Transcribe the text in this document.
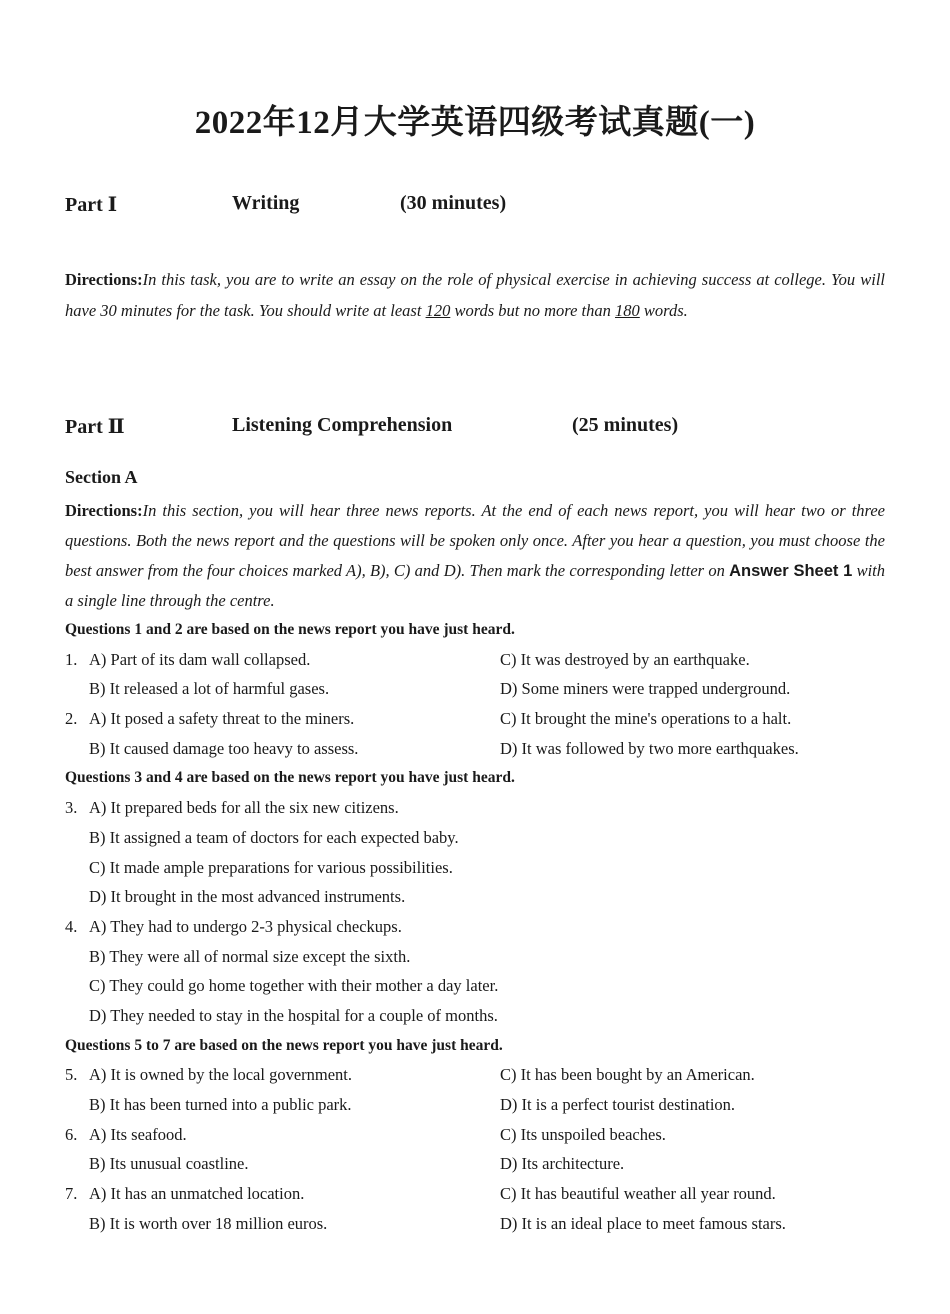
2022年12月大学英语四级考试真题(一)
Part Ⅰ	Writing	(30 minutes)
Directions:In this task, you are to write an essay on the role of physical exercise in achieving success at college. You will have 30 minutes for the task. You should write at least 120 words but no more than 180 words.
Part Ⅱ	Listening Comprehension	(25 minutes)
Section A
Directions:In this section, you will hear three news reports. At the end of each news report, you will hear two or three questions. Both the news report and the questions will be spoken only once. After you hear a question, you must choose the best answer from the four choices marked A), B), C) and D). Then mark the corresponding letter on Answer Sheet 1 with a single line through the centre.
Questions 1 and 2 are based on the news report you have just heard.
1. A) Part of its dam wall collapsed.	C) It was destroyed by an earthquake.
B) It released a lot of harmful gases.	D) Some miners were trapped underground.
2. A) It posed a safety threat to the miners.	C) It brought the mine's operations to a halt.
B) It caused damage too heavy to assess.	D) It was followed by two more earthquakes.
Questions 3 and 4 are based on the news report you have just heard.
3. A) It prepared beds for all the six new citizens.
B) It assigned a team of doctors for each expected baby.
C) It made ample preparations for various possibilities.
D) It brought in the most advanced instruments.
4. A) They had to undergo 2-3 physical checkups.
B) They were all of normal size except the sixth.
C) They could go home together with their mother a day later.
D) They needed to stay in the hospital for a couple of months.
Questions 5 to 7 are based on the news report you have just heard.
5. A) It is owned by the local government.	C) It has been bought by an American.
B) It has been turned into a public park.	D) It is a perfect tourist destination.
6. A) Its seafood.	C) Its unspoiled beaches.
B) Its unusual coastline.	D) Its architecture.
7. A) It has an unmatched location.	C) It has beautiful weather all year round.
B) It is worth over 18 million euros.	D) It is an ideal place to meet famous stars.
